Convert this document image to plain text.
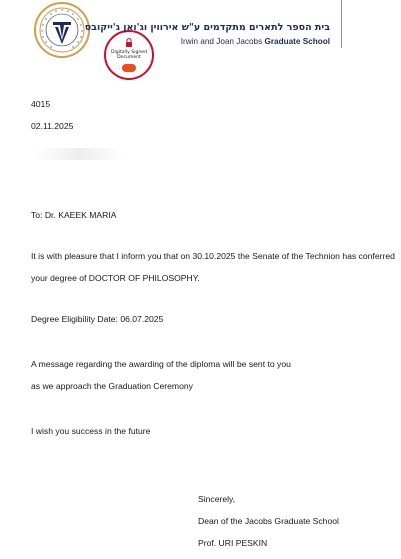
Digitally Signed
Document
בית הספר לתארים מתקדמים ע"ש אירווין וג'ואן ג'ייקובס
Irwin and Joan Jacobs Graduate School
4015
02.11.2025
To: Dr. KAEEK MARIA
It is with pleasure that I inform you that on 30.10.2025 the Senate of the Technion has conferred
your degree of DOCTOR OF PHILOSOPHY.
Degree Eligibility Date: 06.07.2025
A message regarding the awarding of the diploma will be sent to you
as we approach the Graduation Ceremony
I wish you success in the future
Sincerely,
Dean of the Jacobs Graduate School
Prof. URI PESKIN
